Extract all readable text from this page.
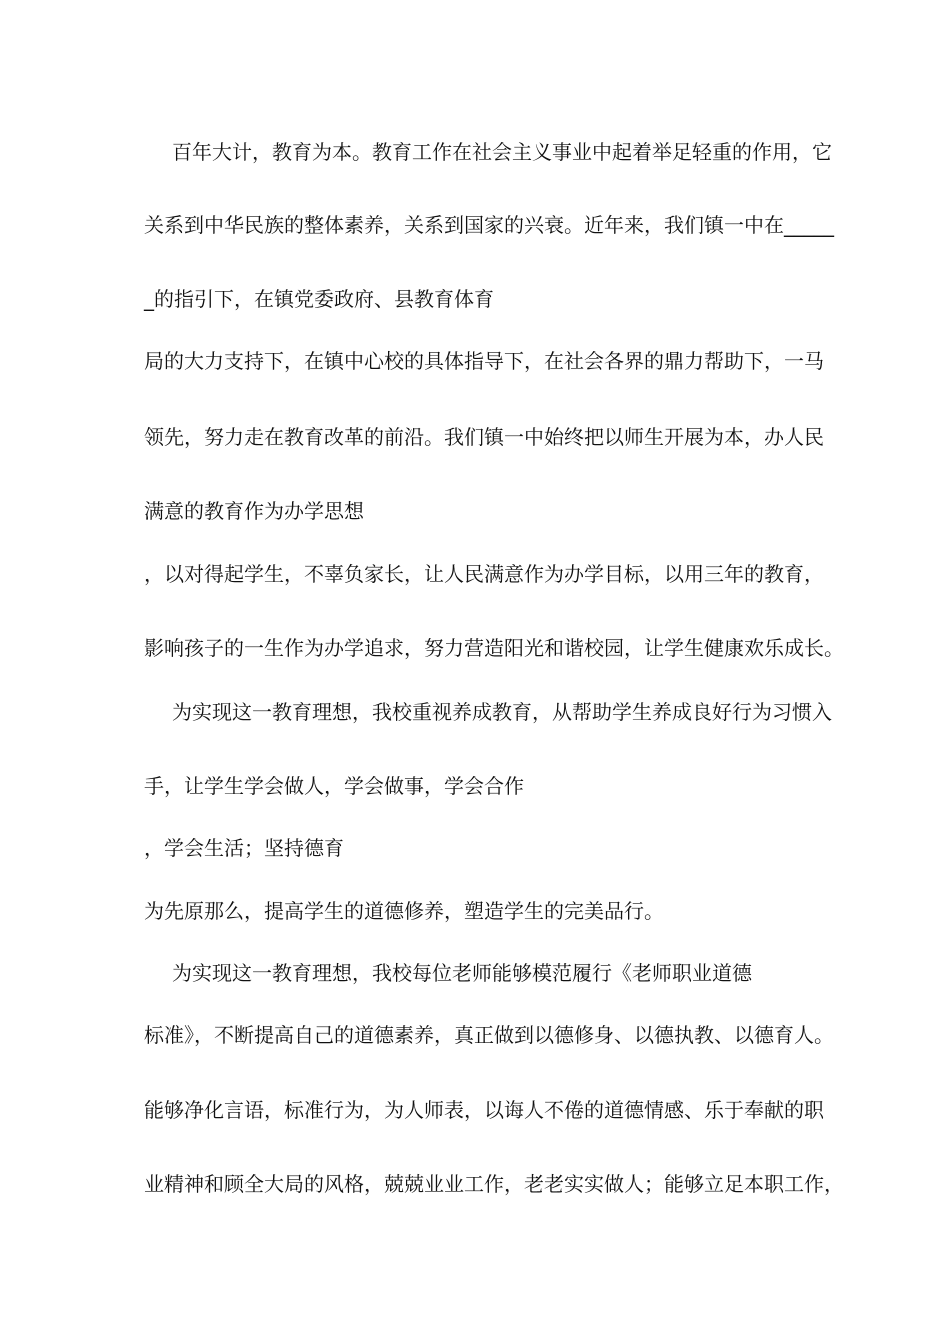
百年大计，教育为本。教育工作在社会主义事业中起着举足轻重的作用，它
关系到中华民族的整体素养，关系到国家的兴衰。近年来，我们镇一中在_____
_的指引下，在镇党委政府、县教育体育
局的大力支持下，在镇中心校的具体指导下，在社会各界的鼎力帮助下，一马
领先，努力走在教育改革的前沿。我们镇一中始终把以师生开展为本，办人民
满意的教育作为办学思想
，以对得起学生，不辜负家长，让人民满意作为办学目标，以用三年的教育，
影响孩子的一生作为办学追求，努力营造阳光和谐校园，让学生健康欢乐成长。
为实现这一教育理想，我校重视养成教育，从帮助学生养成良好行为习惯入
手，让学生学会做人，学会做事，学会合作
，学会生活；坚持德育
为先原那么，提高学生的道德修养，塑造学生的完美品行。
为实现这一教育理想，我校每位老师能够模范履行《老师职业道德
标准》，不断提高自己的道德素养，真正做到以德修身、以德执教、以德育人。
能够净化言语，标准行为，为人师表，以诲人不倦的道德情感、乐于奉献的职
业精神和顾全大局的风格，兢兢业业工作，老老实实做人；能够立足本职工作，
